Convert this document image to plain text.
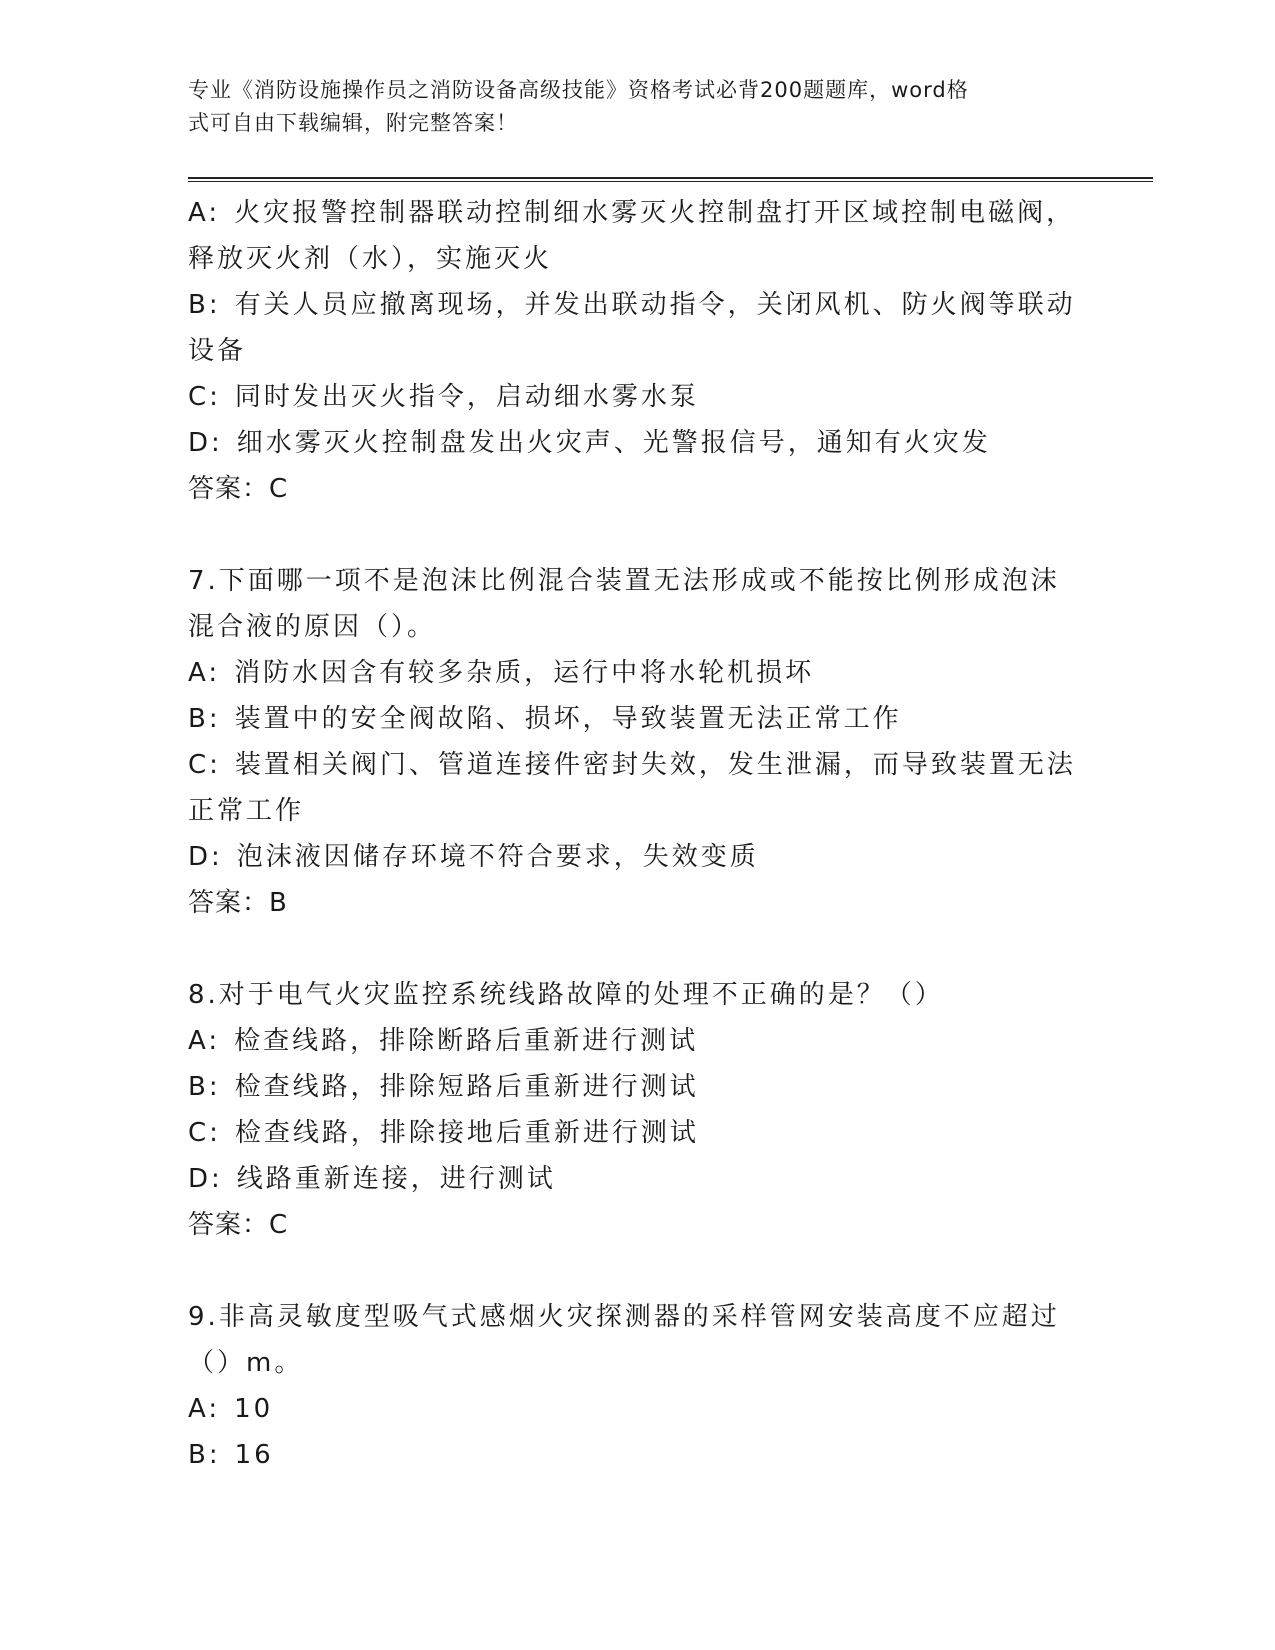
专业《消防设施操作员之消防设备高级技能》资格考试必背200题题库，word格
式可自由下载编辑，附完整答案！
A: 火灾报警控制器联动控制细水雾灭火控制盘打开区域控制电磁阀，
释放灭火剂（水），实施灭火
B: 有关人员应撤离现场，并发出联动指令，关闭风机、防火阀等联动
设备
C: 同时发出灭火指令，启动细水雾水泵
D: 细水雾灭火控制盘发出火灾声、光警报信号，通知有火灾发
答案：C
7.下面哪一项不是泡沫比例混合装置无法形成或不能按比例形成泡沫
混合液的原因（）。
A: 消防水因含有较多杂质，运行中将水轮机损坏
B: 装置中的安全阀故陷、损坏，导致装置无法正常工作
C: 装置相关阀门、管道连接件密封失效，发生泄漏，而导致装置无法
正常工作
D: 泡沫液因储存环境不符合要求，失效变质
答案：B
8.对于电气火灾监控系统线路故障的处理不正确的是？（）
A: 检查线路，排除断路后重新进行测试
B: 检查线路，排除短路后重新进行测试
C: 检查线路，排除接地后重新进行测试
D: 线路重新连接，进行测试
答案：C
9.非高灵敏度型吸气式感烟火灾探测器的采样管网安装高度不应超过
（）m。
A: 10
B: 16
